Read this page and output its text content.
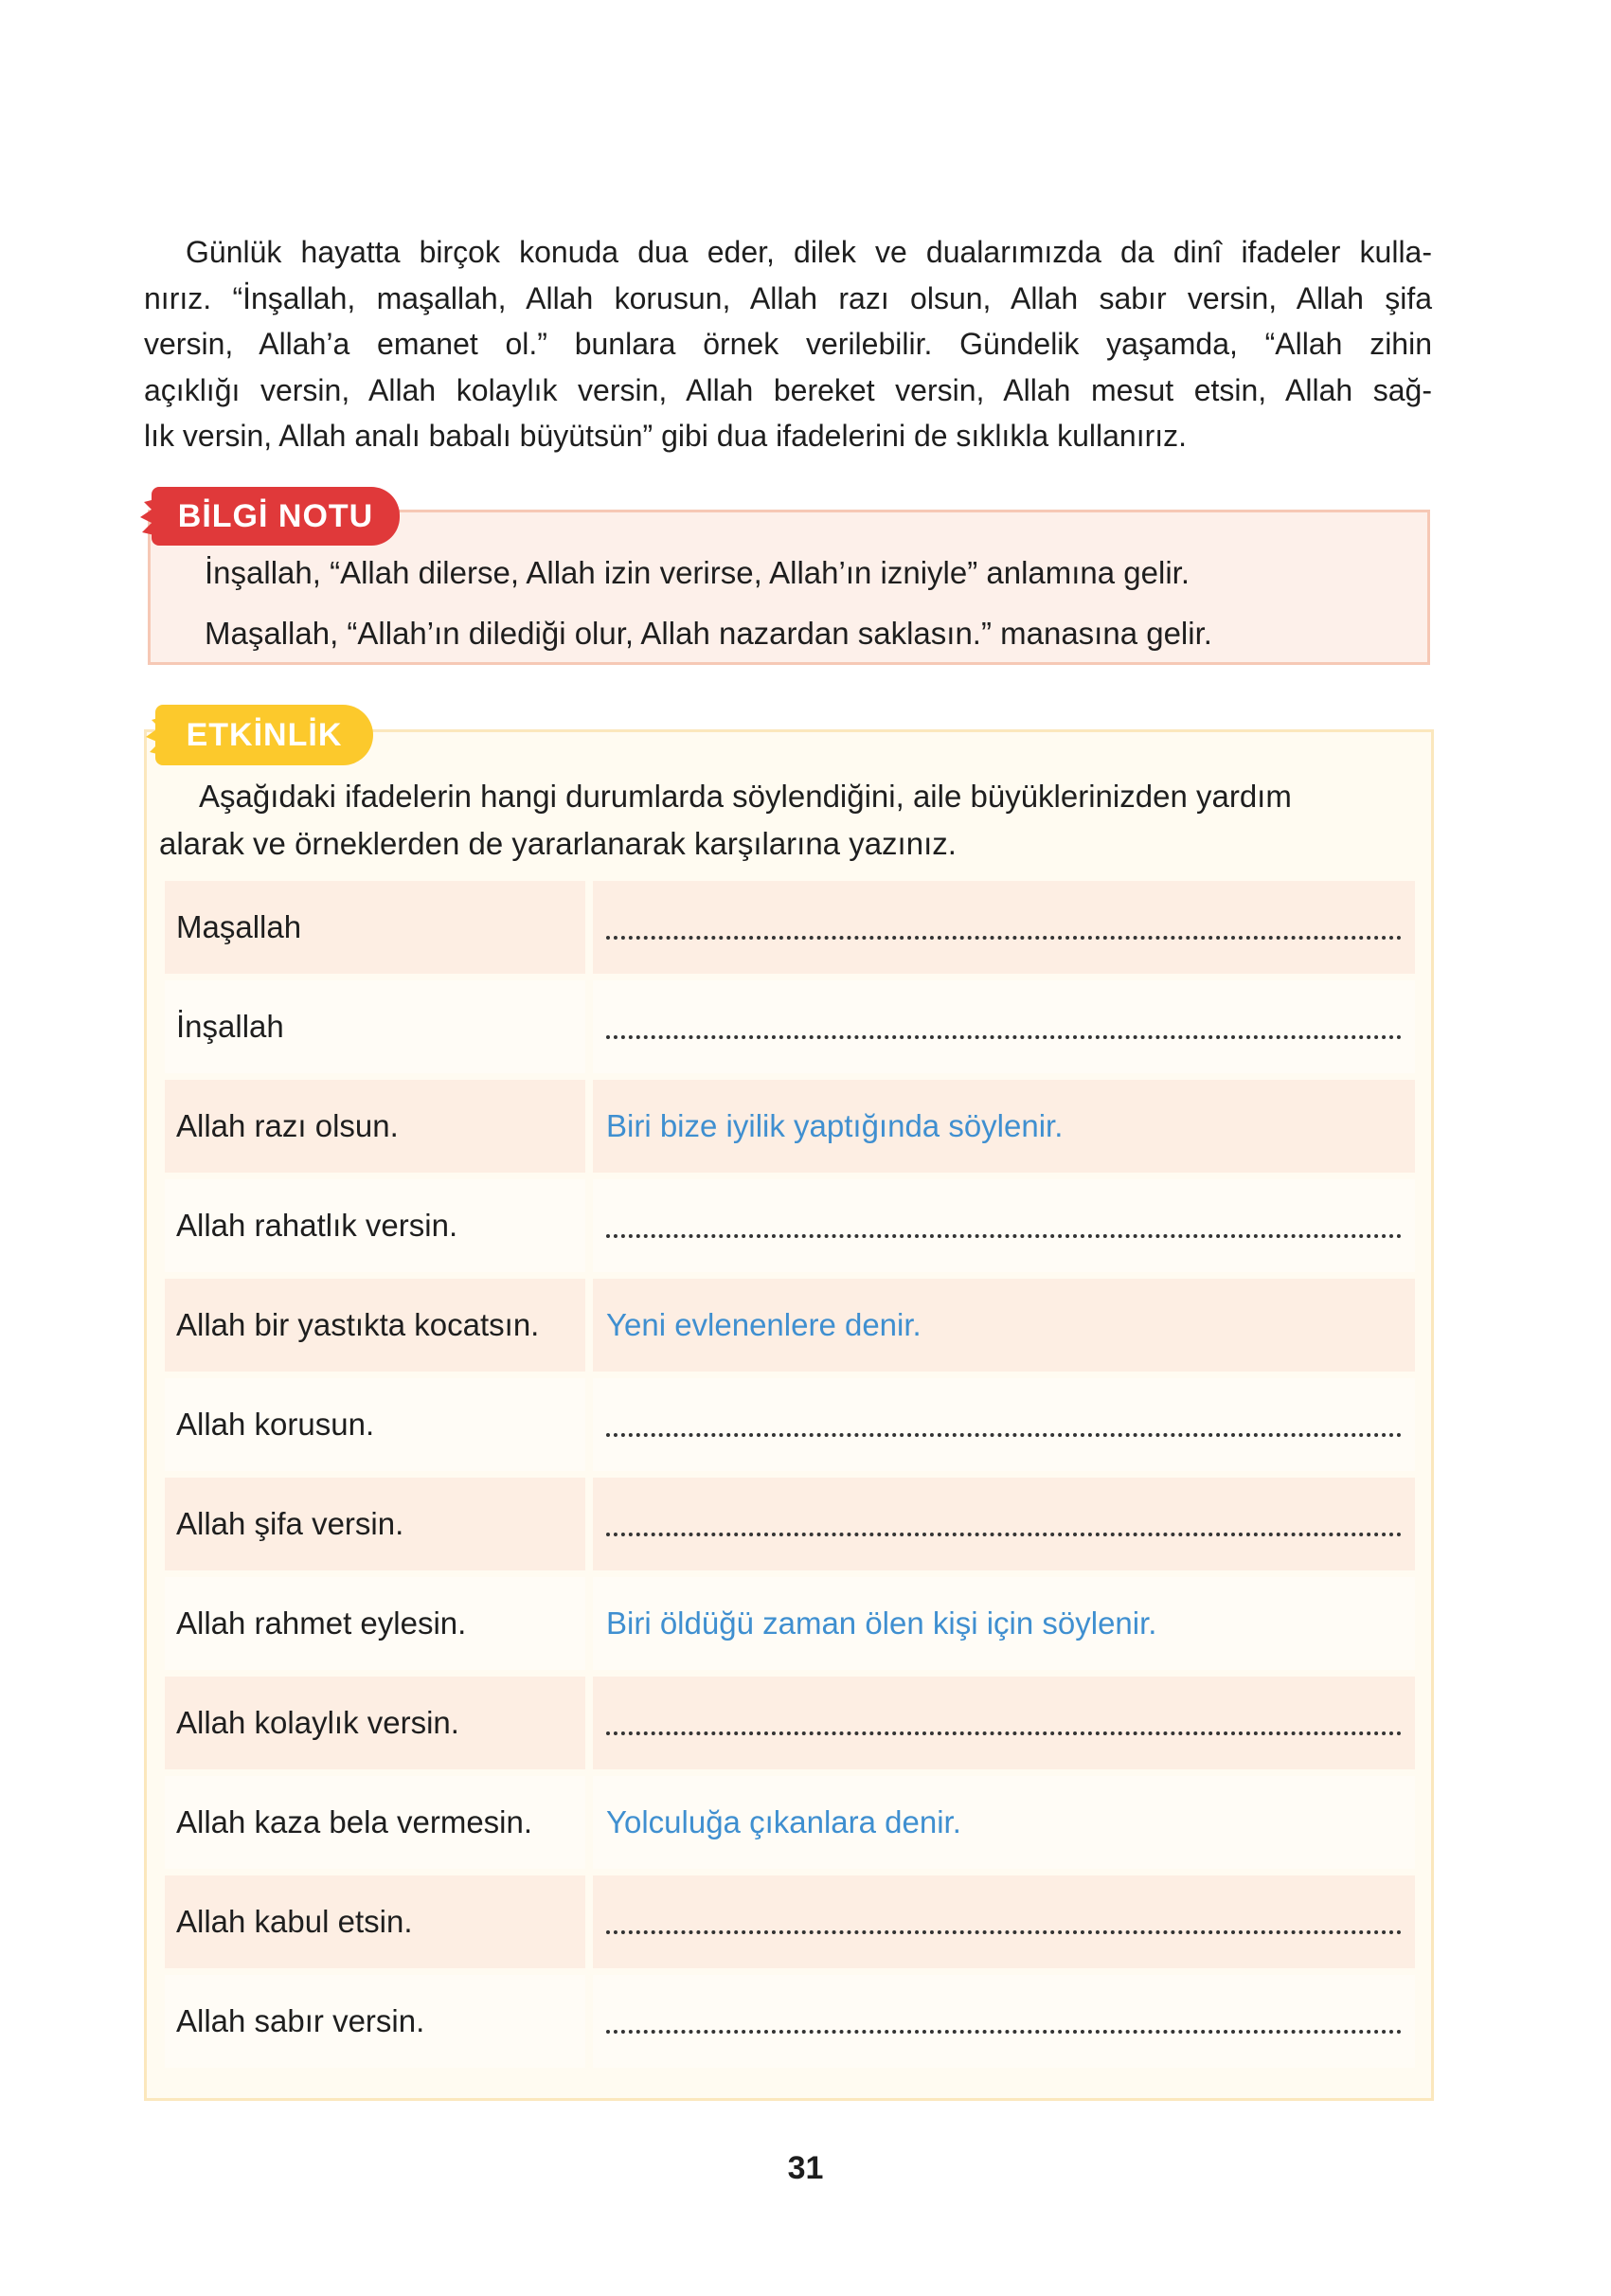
Günlük hayatta birçok konuda dua eder, dilek ve dualarımızda da dinî ifadeler kulla-
nırız. “İnşallah, maşallah, Allah korusun, Allah razı olsun, Allah sabır versin, Allah şifa
versin, Allah’a emanet ol.” bunlara örnek verilebilir. Gündelik yaşamda, “Allah zihin
açıklığı versin, Allah kolaylık versin, Allah bereket versin, Allah mesut etsin, Allah sağ-
lık versin, Allah analı babalı büyütsün” gibi dua ifadelerini de sıklıkla kullanırız.
BİLGİ NOTU
İnşallah, “Allah dilerse, Allah izin verirse, Allah’ın izniyle” anlamına gelir.
Maşallah, “Allah’ın dilediği olur, Allah nazardan saklasın.” manasına gelir.
ETKİNLİK

Aşağıdaki ifadelerin hangi durumlarda söylendiğini, aile büyüklerinizden yardım
alarak ve örneklerden de yararlanarak karşılarına yazınız.

Maşallah
İnşallah
Allah razı olsun.	Biri bize iyilik yaptığında söylenir.
Allah rahatlık versin.
Allah bir yastıkta kocatsın.	Yeni evlenenlere denir.
Allah korusun.
Allah şifa versin.
Allah rahmet eylesin.	Biri öldüğü zaman ölen kişi için söylenir.
Allah kolaylık versin.
Allah kaza bela vermesin.	Yolculuğa çıkanlara denir.
Allah kabul etsin.
Allah sabır versin.
31
